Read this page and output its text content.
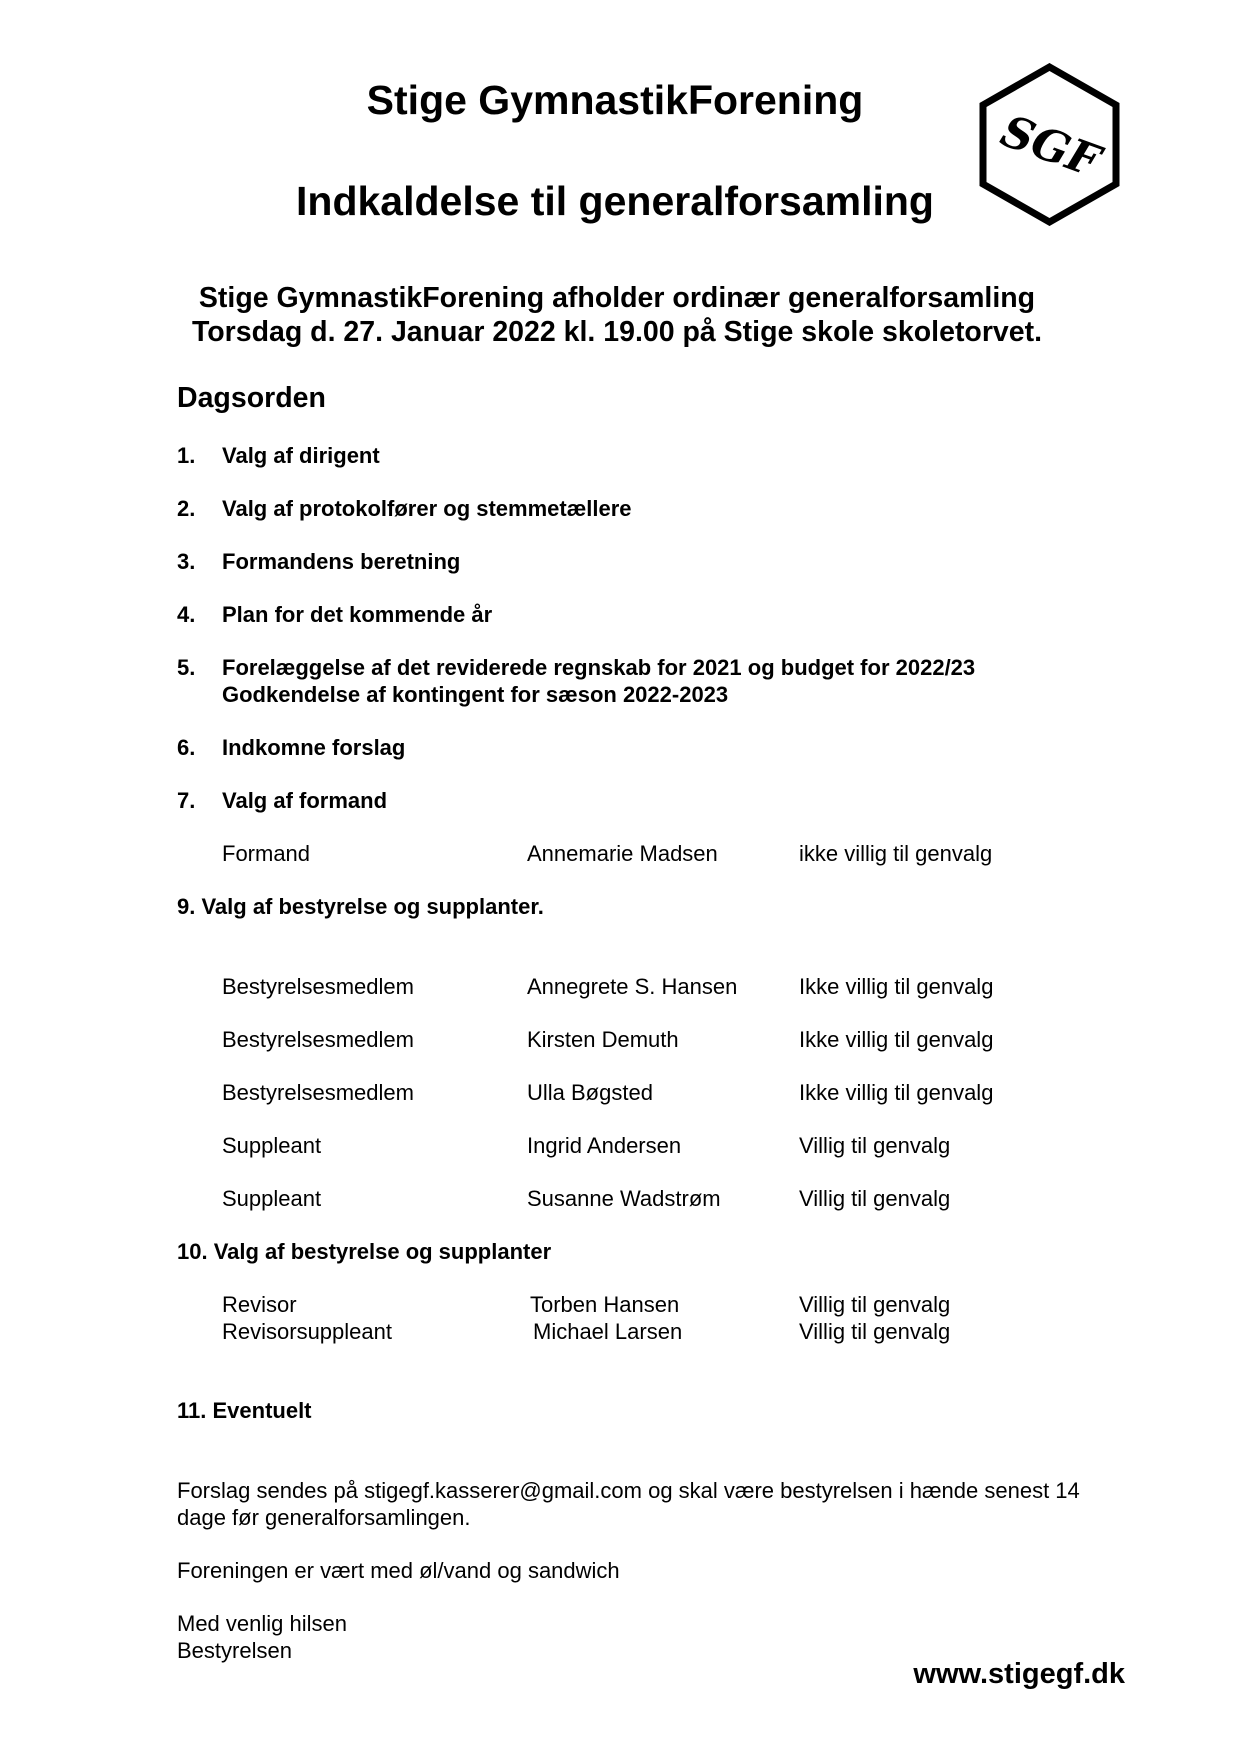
Stige GymnastikForening
Indkaldelse til generalforsamling
SGF
Stige GymnastikForening afholder ordinær generalforsamling
Torsdag d. 27. Januar 2022 kl. 19.00 på Stige skole skoletorvet.
Dagsorden
1. Valg af dirigent
2. Valg af protokolfører og stemmetællere
3. Formandens beretning
4. Plan for det kommende år
5. Forelæggelse af det reviderede regnskab for 2021 og budget for 2022/23
Godkendelse af kontingent for sæson 2022-2023
6. Indkomne forslag
7. Valg af formand
Formand	Annemarie Madsen	ikke villig til genvalg
9. Valg af bestyrelse og supplanter.
Bestyrelsesmedlem	Annegrete S. Hansen	Ikke villig til genvalg
Bestyrelsesmedlem	Kirsten Demuth	Ikke villig til genvalg
Bestyrelsesmedlem	Ulla Bøgsted	Ikke villig til genvalg
Suppleant	Ingrid Andersen	Villig til genvalg
Suppleant	Susanne Wadstrøm	Villig til genvalg
10. Valg af bestyrelse og supplanter
Revisor	Torben Hansen	Villig til genvalg
Revisorsuppleant	Michael Larsen	Villig til genvalg
11. Eventuelt
Forslag sendes på stigegf.kasserer@gmail.com og skal være bestyrelsen i hænde senest 14
dage før generalforsamlingen.
Foreningen er vært med øl/vand og sandwich
Med venlig hilsen
Bestyrelsen
www.stigegf.dk
